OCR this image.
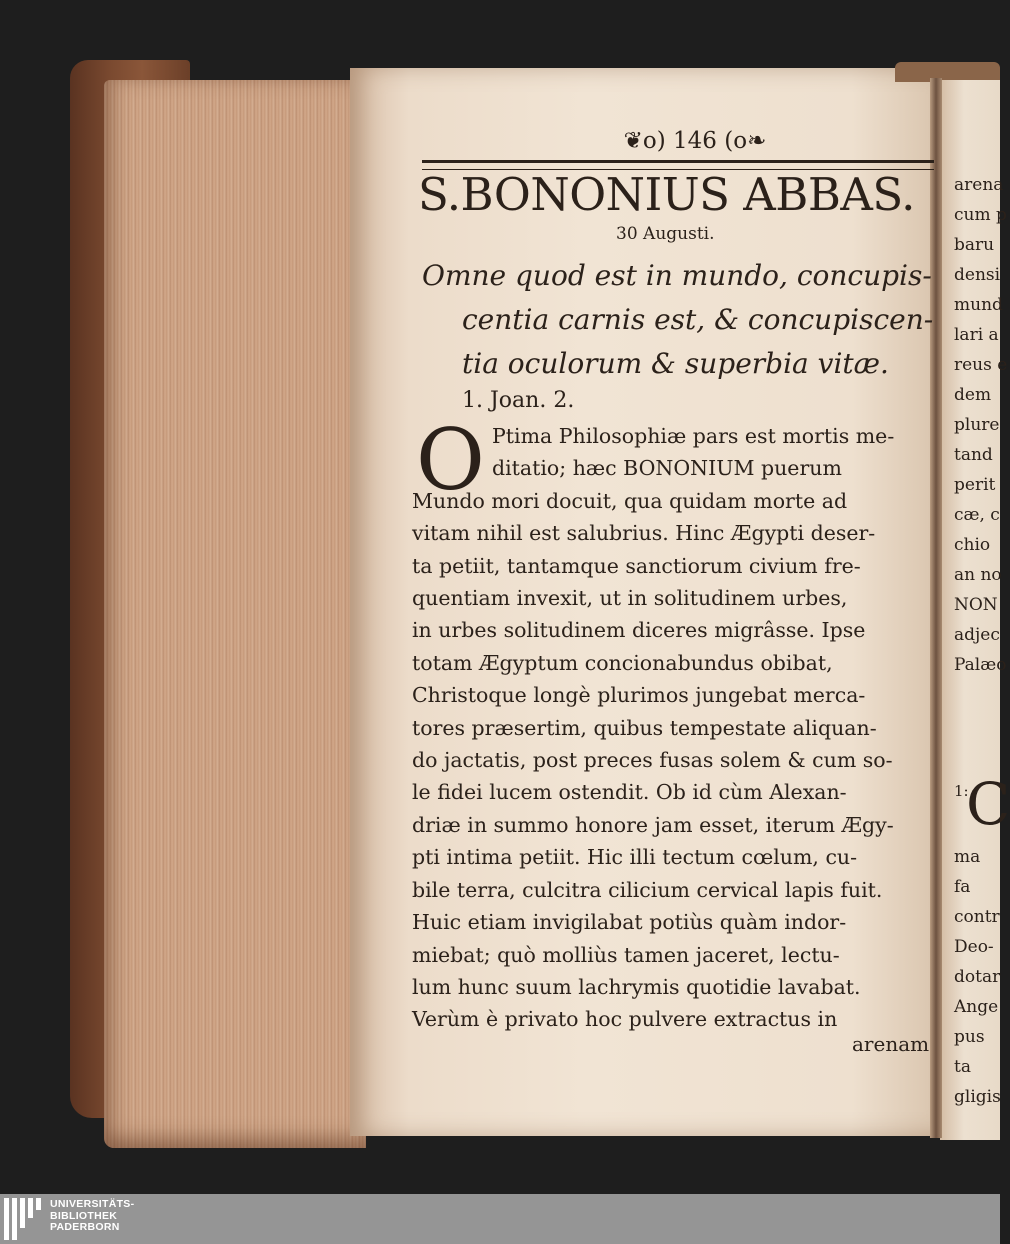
❦o) 146 (o❧
S.BONONIUS ABBAS.
30 Augusti.
Omne quod est in mundo, concupis-
centia carnis est, & concupiscen-
tia oculorum & superbia vitæ.
1. Joan. 2.
O Ptima Philosophiæ pars est mortis me-
ditatio; hæc BONONIUM puerum
Mundo mori docuit, qua quidam morte ad
vitam nihil est salubrius. Hinc Ægypti deser-
ta petiit, tantamque sanctiorum civium fre-
quentiam invexit, ut in solitudinem urbes,
in urbes solitudinem diceres migrâsse. Ipse
totam Ægyptum concionabundus obibat,
Christoque longè plurimos jungebat merca-
tores præsertim, quibus tempestate aliquan-
do jactatis, post preces fusas solem & cum so-
le fidei lucem ostendit. Ob id cùm Alexan-
driæ in summo honore jam esset, iterum Ægy-
pti intima petiit. Hic illi tectum cœlum, cu-
bile terra, culcitra cilicium cervical lapis fuit.
Huic etiam invigilabat potiùs quàm indor-
miebat; quò molliùs tamen jaceret, lectu-
lum hunc suum lachrymis quotidie lavabat.
Verùm è privato hoc pulvere extractus in
arenam
arena
cum p
baru
densi
mund
lari a
reus e
dem
plure
tand
perit
cæ, c
chio
an no
NON
adjec
Palæo
1:
C
ma fa contr Deo- dotar Ange pus ta gligis
UNIVERSITÄTS-
BIBLIOTHEK
PADERBORN
